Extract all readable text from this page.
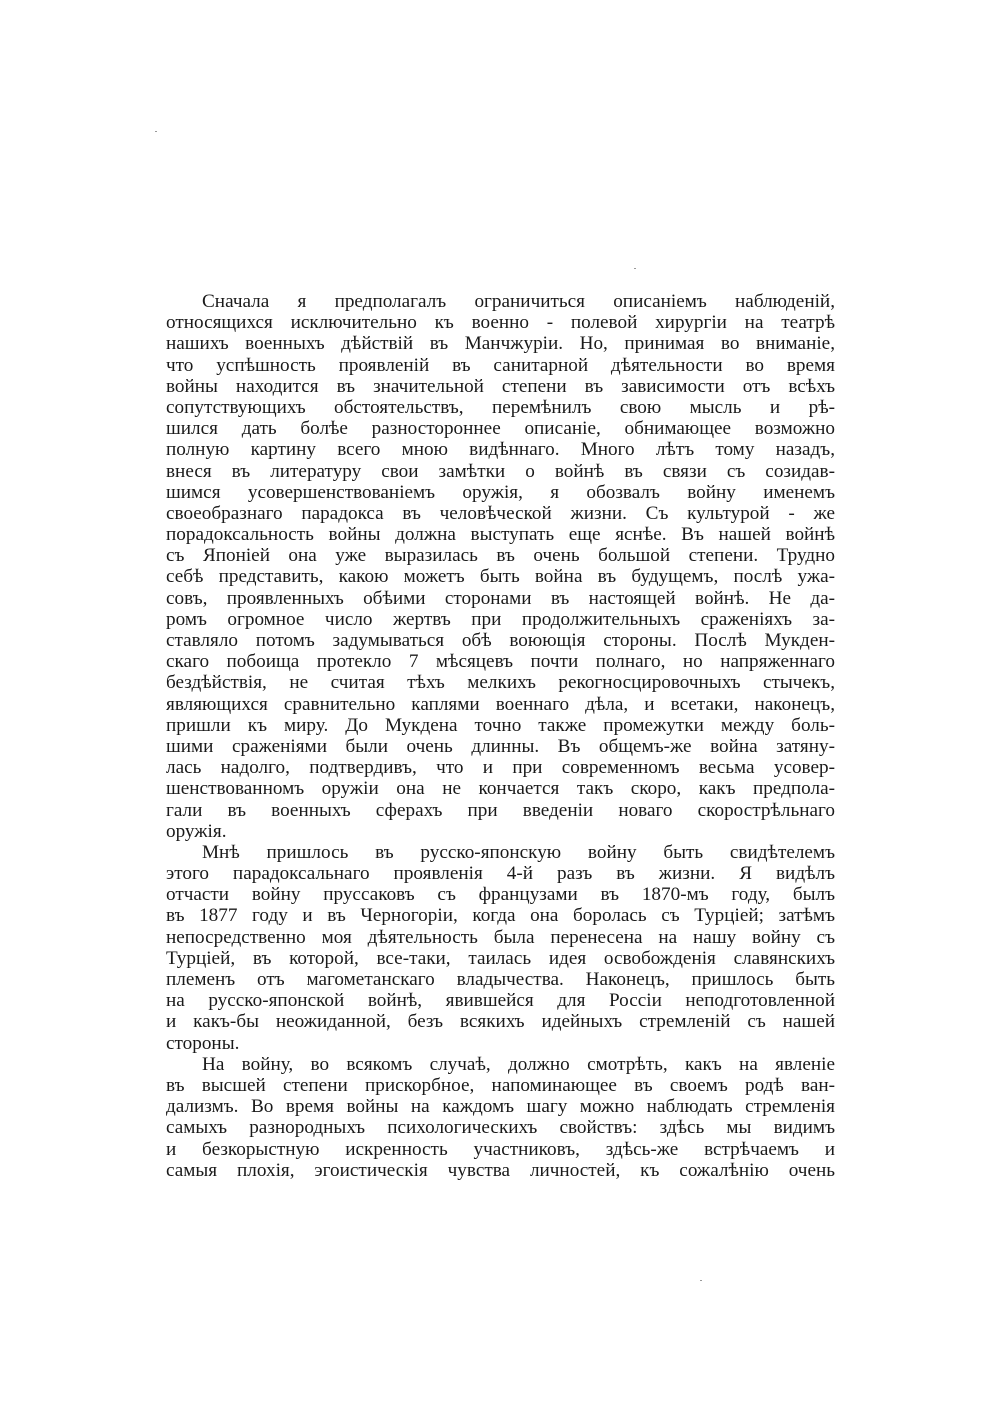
Сначала я предполагалъ ограничиться описаніемъ наблюденій,
относящихся исключительно къ военно - полевой хирургіи на театрѣ
нашихъ военныхъ дѣйствій въ Манчжуріи. Но, принимая во вниманіе,
что успѣшность проявленій въ санитарной дѣятельности во время
войны находится въ значительной степени въ зависимости отъ всѣхъ
сопутствующихъ обстоятельствъ, перемѣнилъ свою мысль и рѣ-
шился дать болѣе разностороннее описаніе, обнимающее возможно
полную картину всего мною видѣннаго. Много лѣтъ тому назадъ,
внеся въ литературу свои замѣтки о войнѣ въ связи съ созидав-
шимся усовершенствованіемъ оружія, я обозвалъ войну именемъ
своеобразнаго парадокса въ человѣческой жизни. Съ культурой - же
порадоксальность войны должна выступать еще яснѣе. Въ нашей войнѣ
съ Японіей она уже выразилась въ очень большой степени. Трудно
себѣ представить, какою можетъ быть война въ будущемъ, послѣ ужа-
совъ, проявленныхъ обѣими сторонами въ настоящей войнѣ. Не да-
ромъ огромное число жертвъ при продолжительныхъ сраженіяхъ за-
ставляло потомъ задумываться обѣ воюющія стороны. Послѣ Мукден-
скаго побоища протекло 7 мѣсяцевъ почти полнаго, но напряженнаго
бездѣйствія, не считая тѣхъ мелкихъ рекогносцировочныхъ стычекъ,
являющихся сравнительно каплями военнаго дѣла, и всетаки, наконецъ,
пришли къ миру. До Мукдена точно также промежутки между боль-
шими сраженіями были очень длинны. Въ общемъ-же война затяну-
лась надолго, подтвердивъ, что и при современномъ весьма усовер-
шенствованномъ оружіи она не кончается такъ скоро, какъ предпола-
гали въ военныхъ сферахъ при введеніи новаго скорострѣльнаго
оружія.
Мнѣ пришлось въ русско-японскую войну быть свидѣтелемъ
этого парадоксальнаго проявленія 4-й разъ въ жизни. Я видѣлъ
отчасти войну пруссаковъ съ французами въ 1870-мъ году, былъ
въ 1877 году и въ Черногоріи, когда она боролась съ Турціей; затѣмъ
непосредственно моя дѣятельность была перенесена на нашу войну съ
Турціей, въ которой, все-таки, таилась идея освобожденія славянскихъ
племенъ отъ магометанскаго владычества. Наконецъ, пришлось быть
на русско-японской войнѣ, явившейся для Россіи неподготовленной
и какъ-бы неожиданной, безъ всякихъ идейныхъ стремленій съ нашей
стороны.
На войну, во всякомъ случаѣ, должно смотрѣть, какъ на явленіе
въ высшей степени прискорбное, напоминающее въ своемъ родѣ ван-
дализмъ. Во время войны на каждомъ шагу можно наблюдать стремленія
самыхъ разнородныхъ психологическихъ свойствъ: здѣсь мы видимъ
и безкорыстную искренность участниковъ, здѣсь-же встрѣчаемъ и
самыя плохія, эгоистическія чувства личностей, къ сожалѣнію очень
